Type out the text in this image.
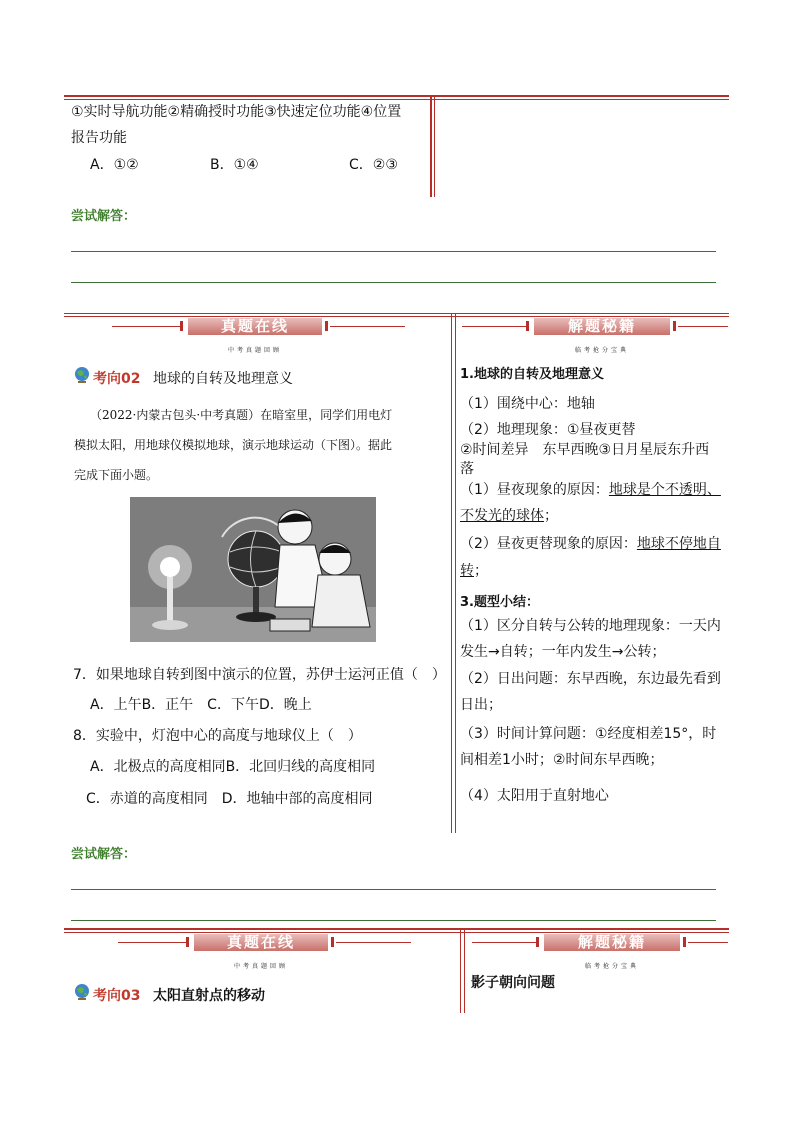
①实时导航功能②精确授时功能③快速定位功能④位置
报告功能
A．①②	B．①④	C．②③
尝试解答：
真题在线
中考真题回顾
解题秘籍
临考抢分宝典
考向02 地球的自转及地理意义
（2022·内蒙古包头·中考真题）在暗室里，同学们用电灯
模拟太阳，用地球仪模拟地球，演示地球运动（下图）。据此
完成下面小题。
7．如果地球自转到图中演示的位置，苏伊士运河正值（　）
A．上午B．正午　C．下午D．晚上
8．实验中，灯泡中心的高度与地球仪上（　）
A．北极点的高度相同B．北回归线的高度相同
C．赤道的高度相同　D．地轴中部的高度相同
1.地球的自转及地理意义
（1）围绕中心：地轴
（2）地理现象：①昼夜更替
②时间差异　东早西晚③日月星辰东升西
落
（1）昼夜现象的原因：地球是个不透明、
不发光的球体；
（2）昼夜更替现象的原因：地球不停地自
转；
3.题型小结：
（1）区分自转与公转的地理现象：一天内
发生→自转；一年内发生→公转；
（2）日出问题：东早西晚，东边最先看到
日出；
（3）时间计算问题：①经度相差15°，时
间相差1小时；②时间东早西晚；
（4）太阳用于直射地心
尝试解答：
真题在线
中考真题回顾
解题秘籍
临考抢分宝典
考向03 太阳直射点的移动
影子朝向问题
